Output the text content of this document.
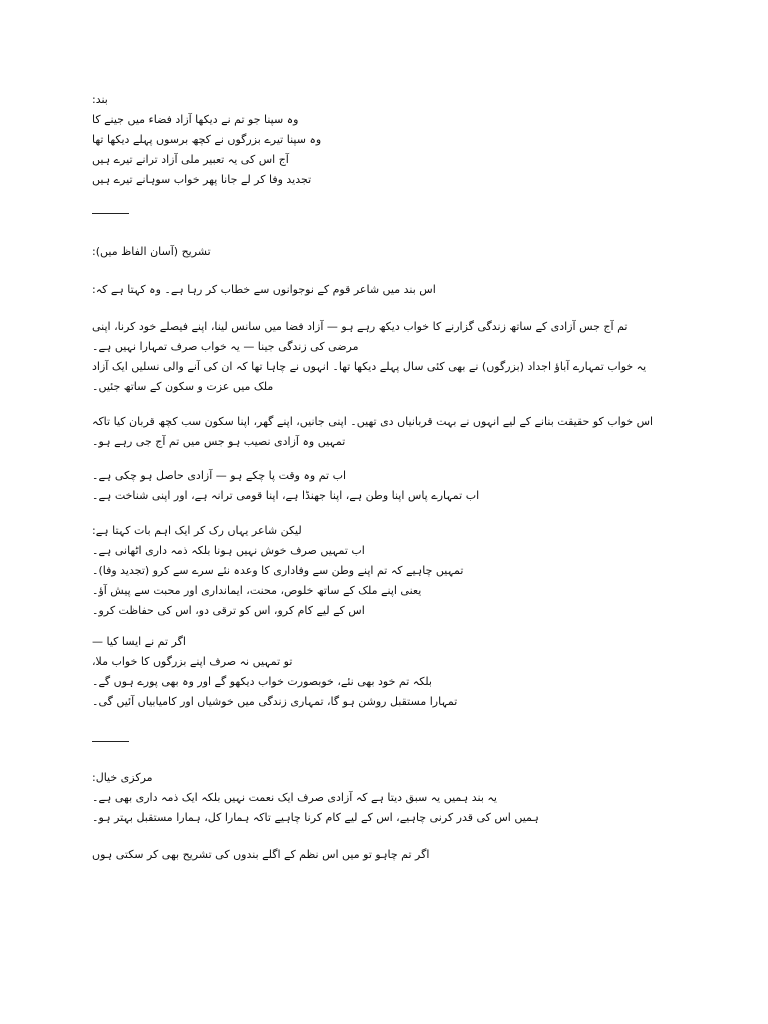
بند:
وہ سپنا جو تم نے دیکھا آزاد فضاء میں جینے کا
وہ سپنا تیرے بزرگوں نے کچھ برسوں پہلے دیکھا تھا
آج اس کی یہ تعبیر ملی آزاد ترانے تیرے ہیں
تجدید وفا کر لے جانا پھر خواب سوہانے تیرے ہیں
تشریح (آسان الفاظ میں):
اس بند میں شاعر قوم کے نوجوانوں سے خطاب کر رہا ہے۔ وہ کہتا ہے کہ:
تم آج جس آزادی کے ساتھ زندگی گزارنے کا خواب دیکھ رہے ہو — آزاد فضا میں سانس لینا، اپنے فیصلے خود کرنا، اپنی
مرضی کی زندگی جینا — یہ خواب صرف تمہارا نہیں ہے۔
یہ خواب تمہارے آباؤ اجداد (بزرگوں) نے بھی کئی سال پہلے دیکھا تھا۔ انہوں نے چاہا تھا کہ ان کی آنے والی نسلیں ایک آزاد
ملک میں عزت و سکون کے ساتھ جئیں۔
اس خواب کو حقیقت بنانے کے لیے انہوں نے بہت قربانیاں دی تھیں۔ اپنی جانیں، اپنے گھر، اپنا سکون سب کچھ قربان کیا تاکہ
تمہیں وہ آزادی نصیب ہو جس میں تم آج جی رہے ہو۔
اب تم وہ وقت پا چکے ہو — آزادی حاصل ہو چکی ہے۔
اب تمہارے پاس اپنا وطن ہے، اپنا جھنڈا ہے، اپنا قومی ترانہ ہے، اور اپنی شناخت ہے۔
لیکن شاعر یہاں رک کر ایک اہم بات کہتا ہے:
اب تمہیں صرف خوش نہیں ہونا بلکہ ذمہ داری اٹھانی ہے۔
تمہیں چاہیے کہ تم اپنے وطن سے وفاداری کا وعدہ نئے سرے سے کرو (تجدید وفا)۔
یعنی اپنے ملک کے ساتھ خلوص، محنت، ایمانداری اور محبت سے پیش آؤ۔
اس کے لیے کام کرو، اس کو ترقی دو، اس کی حفاظت کرو۔
اگر تم نے ایسا کیا —
تو تمہیں نہ صرف اپنے بزرگوں کا خواب ملا،
بلکہ تم خود بھی نئے، خوبصورت خواب دیکھو گے اور وہ بھی پورے ہوں گے۔
تمہارا مستقبل روشن ہو گا، تمہاری زندگی میں خوشیاں اور کامیابیاں آئیں گی۔
مرکزی خیال:
یہ بند ہمیں یہ سبق دیتا ہے کہ آزادی صرف ایک نعمت نہیں بلکہ ایک ذمہ داری بھی ہے۔
ہمیں اس کی قدر کرنی چاہیے، اس کے لیے کام کرنا چاہیے تاکہ ہمارا کل، ہمارا مستقبل بہتر ہو۔
اگر تم چاہو تو میں اس نظم کے اگلے بندوں کی تشریح بھی کر سکتی ہوں
